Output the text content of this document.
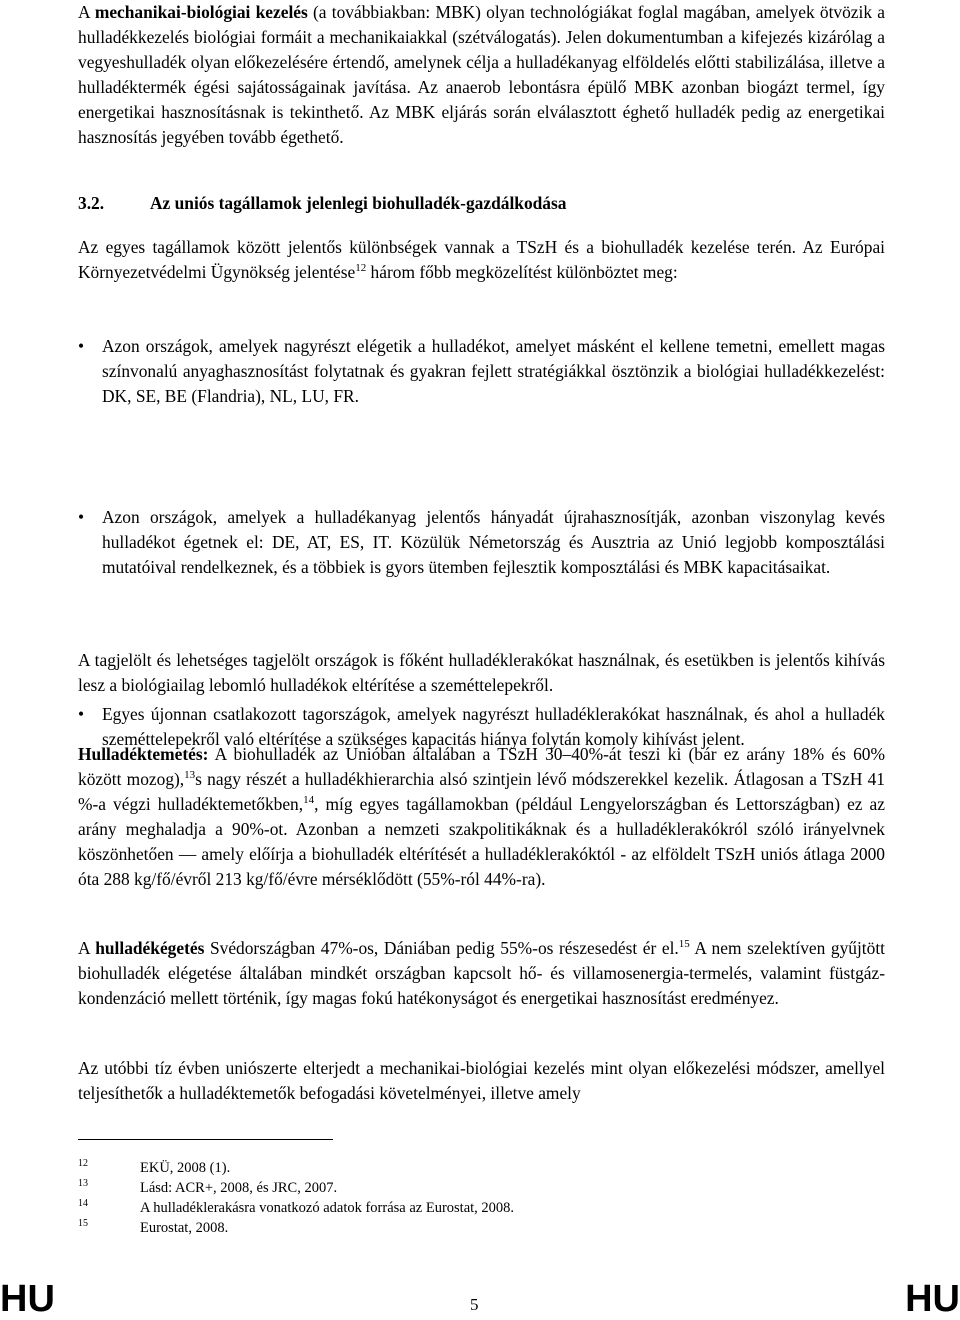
A mechanikai-biológiai kezelés (a továbbiakban: MBK) olyan technológiákat foglal magában, amelyek ötvözik a hulladékkezelés biológiai formáit a mechanikaiakkal (szétválogatás). Jelen dokumentumban a kifejezés kizárólag a vegyeshulladék olyan előkezelésére értendő, amelynek célja a hulladékanyag elföldelés előtti stabilizálása, illetve a hulladéktermék égési sajátosságainak javítása. Az anaerob lebontásra épülő MBK azonban biogázt termel, így energetikai hasznosításnak is tekinthető. Az MBK eljárás során elválasztott éghető hulladék pedig az energetikai hasznosítás jegyében tovább égethető.

3.2.	Az uniós tagállamok jelenlegi biohulladék-gazdálkodása

Az egyes tagállamok között jelentős különbségek vannak a TSzH és a biohulladék kezelése terén. Az Európai Környezetvédelmi Ügynökség jelentése$^{12}$ három főbb megközelítést különböztet meg:

• Azon országok, amelyek nagyrészt elégetik a hulladékot, amelyet másként el kellene temetni, emellett magas színvonalú anyaghasznosítást folytatnak és gyakran fejlett stratégiákkal ösztönzik a biológiai hulladékkezelést: DK, SE, BE (Flandria), NL, LU, FR.

• Azon országok, amelyek a hulladékanyag jelentős hányadát újrahasznosítják, azonban viszonylag kevés hulladékot égetnek el: DE, AT, ES, IT. Közülük Németország és Ausztria az Unió legjobb komposztálási mutatóival rendelkeznek, és a többiek is gyors ütemben fejlesztik komposztálási és MBK kapacitásaikat.

• Egyes újonnan csatlakozott tagországok, amelyek nagyrészt hulladéklerakókat használnak, és ahol a hulladék szeméttelepekről való eltérítése a szükséges kapacitás hiánya folytán komoly kihívást jelent.

A tagjelölt és lehetséges tagjelölt országok is főként hulladéklerakókat használnak, és esetükben is jelentős kihívás lesz a biológiailag lebomló hulladékok eltérítése a szeméttelepekről.

Hulladéktemetés: A biohulladék az Unióban általában a TSzH 30–40%-át teszi ki (bár ez arány 18% és 60% között mozog),$^{13}$s nagy részét a hulladékhierarchia alsó szintjein lévő módszerekkel kezelik. Átlagosan a TSzH 41 %-a végzi hulladéktemetőkben,$^{14}$, míg egyes tagállamokban (például Lengyelországban és Lettországban) ez az arány meghaladja a 90%-ot. Azonban a nemzeti szakpolitikáknak és a hulladéklerakókról szóló irányelvnek köszönhetően — amely előírja a biohulladék eltérítését a hulladéklerakóktól - az elföldelt TSzH uniós átlaga 2000 óta 288 kg/fő/évről 213 kg/fő/évre mérséklődött (55%-ról 44%-ra).

A hulladékégetés Svédországban 47%-os, Dániában pedig 55%-os részesedést ér el.$^{15}$ A nem szelektíven gyűjtött biohulladék elégetése általában mindkét országban kapcsolt hő- és villamosenergia-termelés, valamint füstgáz-kondenzáció mellett történik, így magas fokú hatékonyságot és energetikai hasznosítást eredményez.

Az utóbbi tíz évben uniószerte elterjedt a mechanikai-biológiai kezelés mint olyan előkezelési módszer, amellyel teljesíthetők a hulladéktemetők befogadási követelményei, illetve amely

12	EKÜ, 2008 (1).
13	Lásd: ACR+, 2008, és JRC, 2007.
14	A hulladéklerakásra vonatkozó adatok forrása az Eurostat, 2008.
15	Eurostat, 2008.
HU	5	HU
